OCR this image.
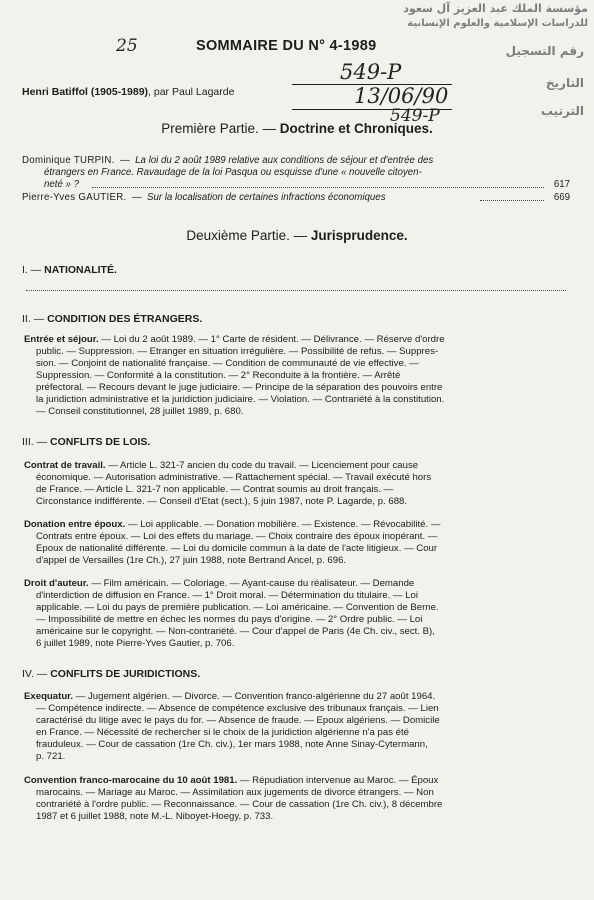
25	SOMMAIRE DU N° 4-1989
مؤسسة الملك عبد العزيز آل سعود
للدراسات الإسلامية والعلوم الإنسانية
رقم التسجيل
التاريخ
الترتيب
549-P
13/06/90
549-P
Henri Batiffol (1905-1989), par Paul Lagarde
Première Partie. — Doctrine et Chroniques.
Dominique TURPIN.  —  La loi du 2 août 1989 relative aux conditions de séjour et d'entrée des
étrangers en France. Ravaudage de la loi Pasqua ou esquisse d'une « nouvelle citoyen-
neté » ?	617
Pierre-Yves GAUTIER.  —  Sur la localisation de certaines infractions économiques	669
Deuxième Partie. — Jurisprudence.
I. — NATIONALITÉ.
II. — CONDITION DES ÉTRANGERS.
Entrée et séjour. — Loi du 2 août 1989. — 1° Carte de résident. — Délivrance. — Réserve d'ordre
public. — Suppression. — Etranger en situation irrégulière. — Possibilité de refus. — Suppres-
sion. — Conjoint de nationalité française. — Condition de communauté de vie effective. —
Suppression. — Conformité à la constitution. — 2° Reconduite à la frontière. — Arrêté
préfectoral. — Recours devant le juge judiciaire. — Principe de la séparation des pouvoirs entre
la juridiction administrative et la juridiction judiciaire. — Violation. — Contrariété à la constitution.
— Conseil constitutionnel, 28 juillet 1989, p. 680.
III. — CONFLITS DE LOIS.
Contrat de travail. — Article L. 321-7 ancien du code du travail. — Licenciement pour cause
économique. — Autorisation administrative. — Rattachement spécial. — Travail exécuté hors
de France. — Article L. 321-7 non applicable. — Contrat soumis au droit français. —
Circonstance indifférente. — Conseil d'Etat (sect.), 5 juin 1987, note P. Lagarde, p. 688.
Donation entre époux. — Loi applicable. — Donation mobilière. — Existence. — Révocabilité. —
Contrats entre époux. — Loi des effets du mariage. — Choix contraire des époux inopérant. —
Epoux de nationalité différente. — Loi du domicile commun à la date de l'acte litigieux. — Cour
d'appel de Versailles (1re Ch.), 27 juin 1988, note Bertrand Ancel, p. 696.
Droit d'auteur. — Film américain. — Coloriage. — Ayant-cause du réalisateur. — Demande
d'interdiction de diffusion en France. — 1° Droit moral. — Détermination du titulaire. — Loi
applicable. — Loi du pays de première publication. — Loi américaine. — Convention de Berne.
— Impossibilité de mettre en échec les normes du pays d'origine. — 2° Ordre public. — Loi
américaine sur le copyright. — Non-contrariété. — Cour d'appel de Paris (4e Ch. civ., sect. B),
6 juillet 1989, note Pierre-Yves Gautier, p. 706.
IV. — CONFLITS DE JURIDICTIONS.
Exequatur. — Jugement algérien. — Divorce. — Convention franco-algérienne du 27 août 1964.
— Compétence indirecte. — Absence de compétence exclusive des tribunaux français. — Lien
caractérisé du litige avec le pays du for. — Absence de fraude. — Epoux algériens. — Domicile
en France. — Nécessité de rechercher si le choix de la juridiction algérienne n'a pas été
frauduleux. — Cour de cassation (1re Ch. civ.), 1er mars 1988, note Anne Sinay-Cytermann,
p. 721.
Convention franco-marocaine du 10 août 1981. — Répudiation intervenue au Maroc. — Époux
marocains. — Mariage au Maroc. — Assimilation aux jugements de divorce étrangers. — Non
contrariété à l'ordre public. — Reconnaissance. — Cour de cassation (1re Ch. civ.), 8 décembre
1987 et 6 juillet 1988, note M.-L. Niboyet-Hoegy, p. 733.
